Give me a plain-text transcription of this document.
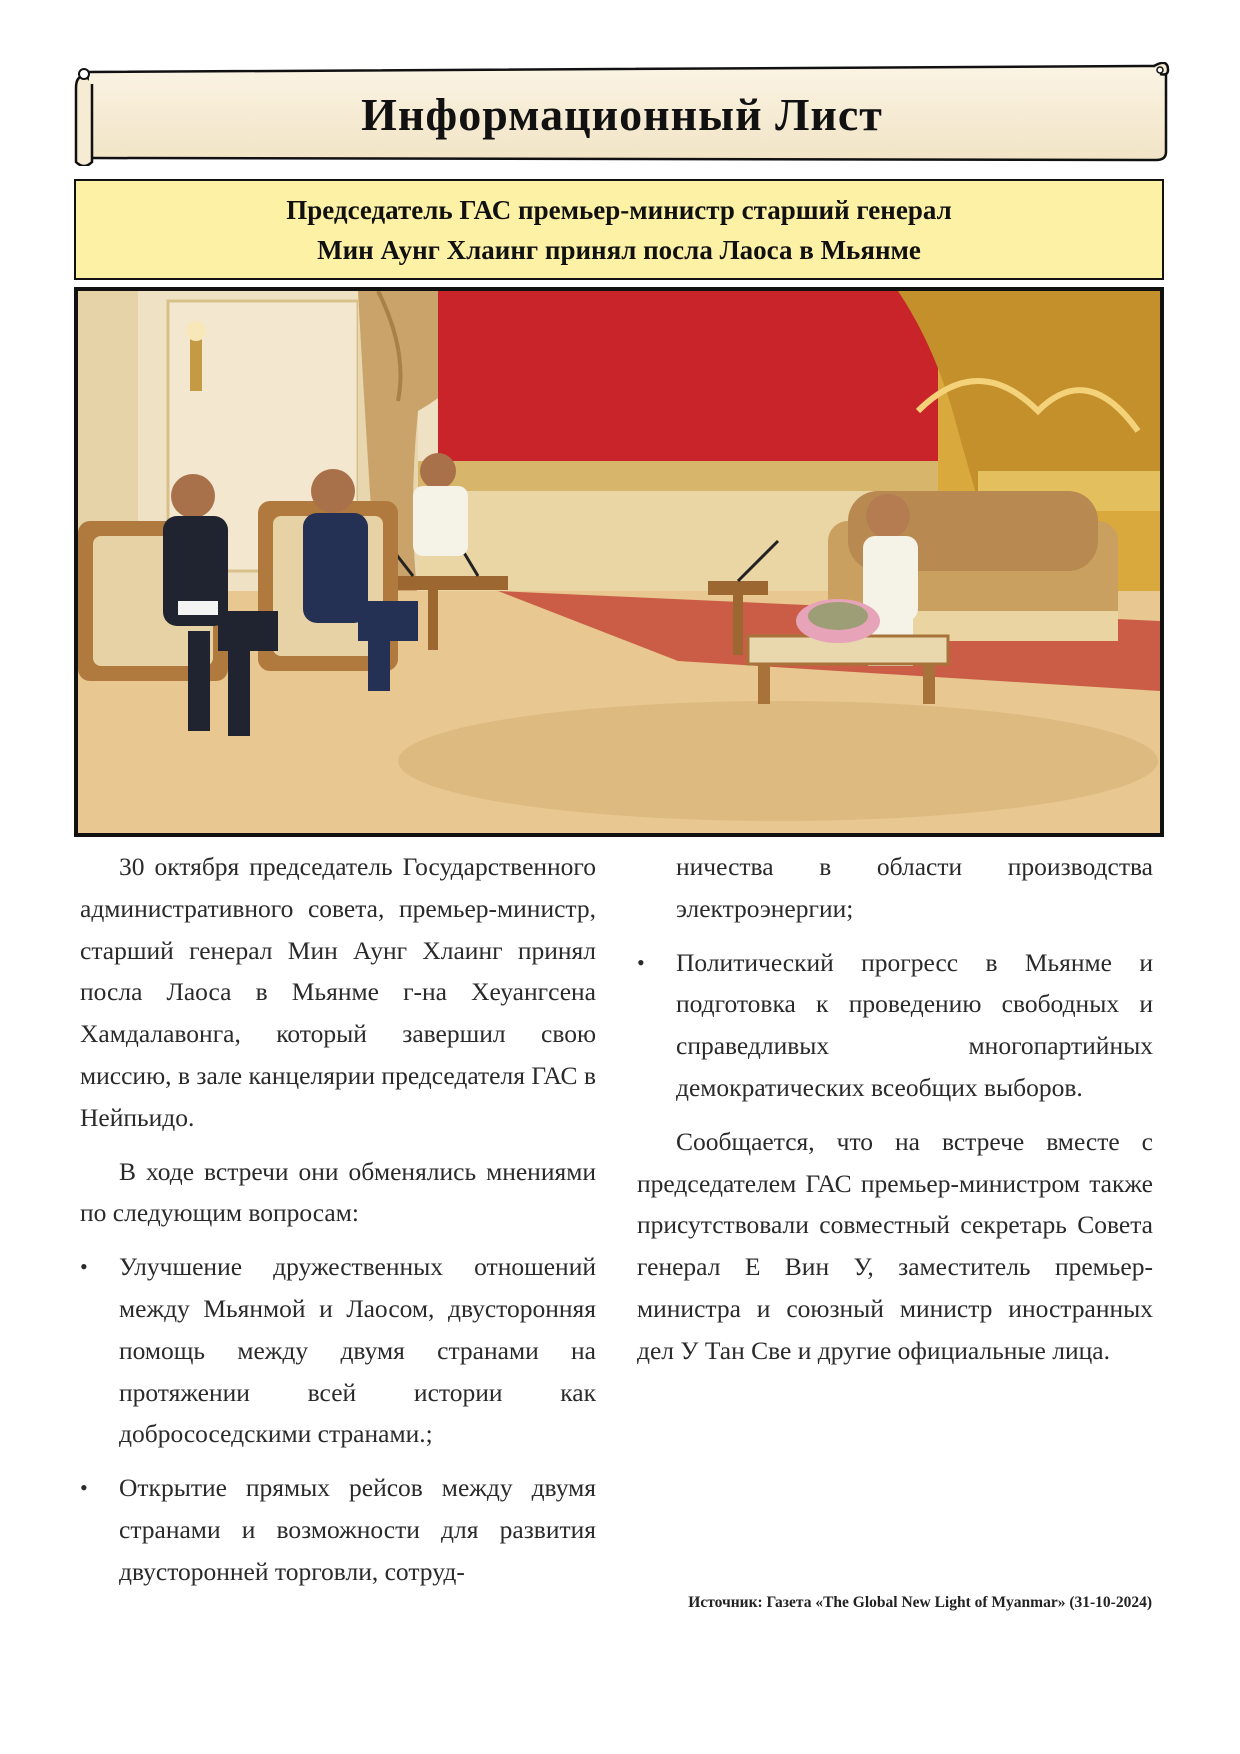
Информационный Лист
Председатель ГАС премьер-министр старший генерал
Мин Аунг Хлаинг принял посла Лаоса в Мьянме

30 октября председатель Государственного административного совета, премьер-министр, старший генерал Мин Аунг Хлаинг принял посла Лаоса в Мьянме г-на Хеуангсена Хамдалавонга, который завершил свою миссию, в зале канцелярии председателя ГАС в Нейпьидо.

В ходе встречи они обменялись мнениями по следующим вопросам:

• Улучшение дружественных отношений между Мьянмой и Лаосом, двусторонняя помощь между двумя странами на протяжении всей истории как добрососедскими странами.;
• Открытие прямых рейсов между двумя странами и возможности для развития двусторонней торговли, сотруд-
ничества в области производства электроэнергии;
• Политический прогресс в Мьянме и подготовка к проведению свободных и справедливых многопартийных демократических всеобщих выборов.

Сообщается, что на встрече вместе с председателем ГАС премьер-министром также присутствовали совместный секретарь Совета генерал Е Вин У, заместитель премьер-министра и союзный министр иностранных дел У Тан Све и другие официальные лица.

Источник: Газета «The Global New Light of Myanmar» (31-10-2024)
